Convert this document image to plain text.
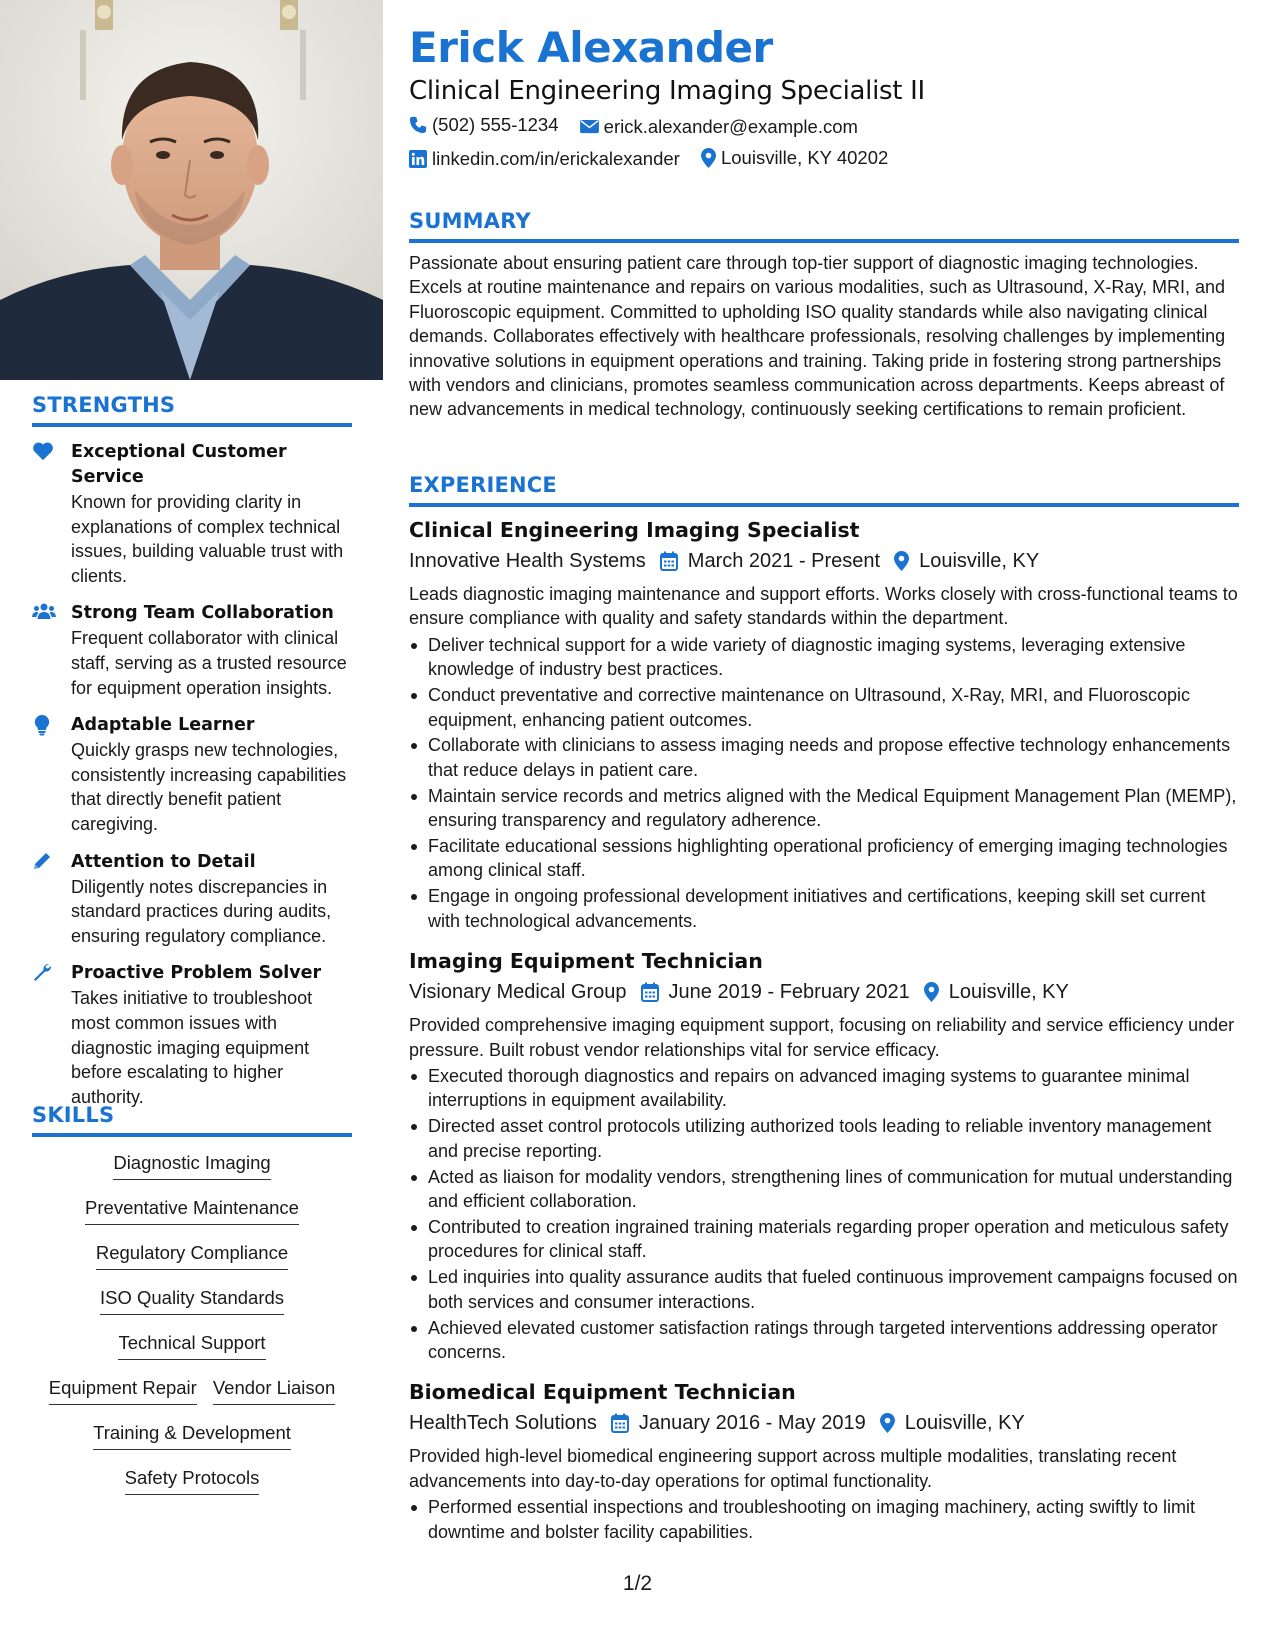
STRENGTHS
Exceptional Customer Service
Known for providing clarity in explanations of complex technical issues, building valuable trust with clients.
Strong Team Collaboration
Frequent collaborator with clinical staff, serving as a trusted resource for equipment operation insights.
Adaptable Learner
Quickly grasps new technologies, consistently increasing capabilities that directly benefit patient caregiving.
Attention to Detail
Diligently notes discrepancies in standard practices during audits, ensuring regulatory compliance.
Proactive Problem Solver
Takes initiative to troubleshoot most common issues with diagnostic imaging equipment before escalating to higher authority.
SKILLS
Diagnostic Imaging
Preventative Maintenance
Regulatory Compliance
ISO Quality Standards
Technical Support
Equipment Repair Vendor Liaison
Training & Development
Safety Protocols
Erick Alexander
Clinical Engineering Imaging Specialist II
(502) 555-1234
erick.alexander@example.com
linkedin.com/in/erickalexander
Louisville, KY 40202
SUMMARY
Passionate about ensuring patient care through top-tier support of diagnostic imaging technologies. Excels at routine maintenance and repairs on various modalities, such as Ultrasound, X-Ray, MRI, and Fluoroscopic equipment. Committed to upholding ISO quality standards while also navigating clinical demands. Collaborates effectively with healthcare professionals, resolving challenges by implementing innovative solutions in equipment operations and training. Taking pride in fostering strong partnerships with vendors and clinicians, promotes seamless communication across departments. Keeps abreast of new advancements in medical technology, continuously seeking certifications to remain proficient.
EXPERIENCE
Clinical Engineering Imaging Specialist
Innovative Health Systems March 2021 - Present Louisville, KY
Leads diagnostic imaging maintenance and support efforts. Works closely with cross-functional teams to ensure compliance with quality and safety standards within the department.
Deliver technical support for a wide variety of diagnostic imaging systems, leveraging extensive knowledge of industry best practices.
Conduct preventative and corrective maintenance on Ultrasound, X-Ray, MRI, and Fluoroscopic equipment, enhancing patient outcomes.
Collaborate with clinicians to assess imaging needs and propose effective technology enhancements that reduce delays in patient care.
Maintain service records and metrics aligned with the Medical Equipment Management Plan (MEMP), ensuring transparency and regulatory adherence.
Facilitate educational sessions highlighting operational proficiency of emerging imaging technologies among clinical staff.
Engage in ongoing professional development initiatives and certifications, keeping skill set current with technological advancements.
Imaging Equipment Technician
Visionary Medical Group June 2019 - February 2021 Louisville, KY
Provided comprehensive imaging equipment support, focusing on reliability and service efficiency under pressure. Built robust vendor relationships vital for service efficacy.
Executed thorough diagnostics and repairs on advanced imaging systems to guarantee minimal interruptions in equipment availability.
Directed asset control protocols utilizing authorized tools leading to reliable inventory management and precise reporting.
Acted as liaison for modality vendors, strengthening lines of communication for mutual understanding and efficient collaboration.
Contributed to creation ingrained training materials regarding proper operation and meticulous safety procedures for clinical staff.
Led inquiries into quality assurance audits that fueled continuous improvement campaigns focused on both services and consumer interactions.
Achieved elevated customer satisfaction ratings through targeted interventions addressing operator concerns.
Biomedical Equipment Technician
HealthTech Solutions January 2016 - May 2019 Louisville, KY
Provided high-level biomedical engineering support across multiple modalities, translating recent advancements into day-to-day operations for optimal functionality.
Performed essential inspections and troubleshooting on imaging machinery, acting swiftly to limit downtime and bolster facility capabilities.
1/2
